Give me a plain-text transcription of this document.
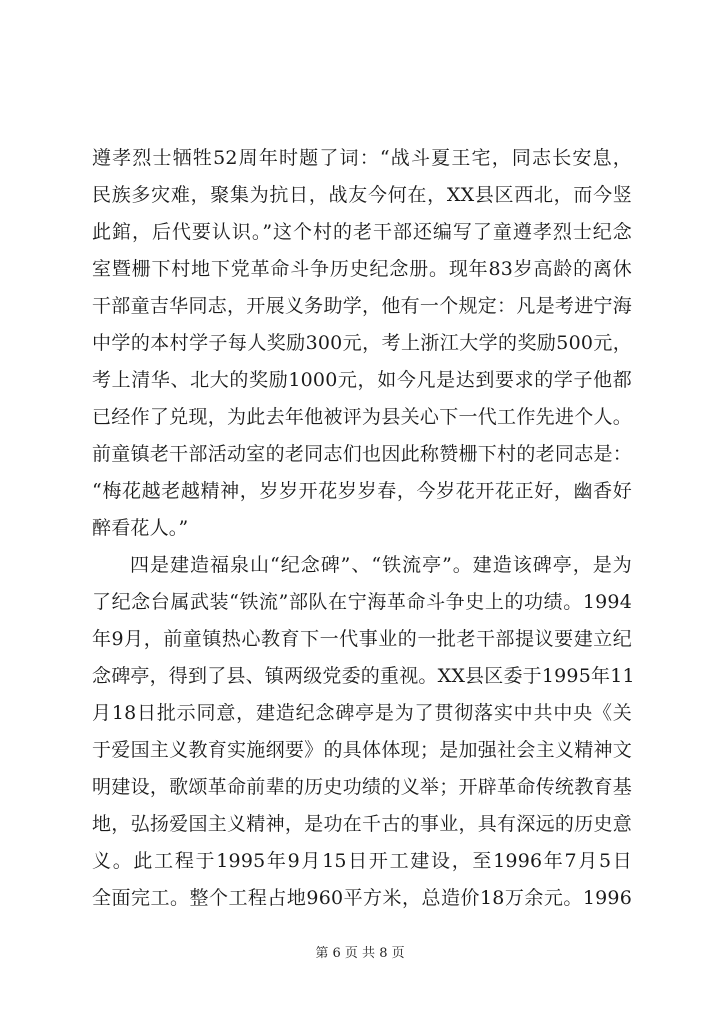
遵孝烈士牺牲52周年时题了词：“战斗夏王宅，同志长安息，
民族多灾难，聚集为抗日，战友今何在，XX县区西北，而今竖
此錧，后代要认识。”这个村的老干部还编写了童遵孝烈士纪念
室暨栅下村地下党革命斗争历史纪念册。现年83岁高龄的离休
干部童吉华同志，开展义务助学，他有一个规定：凡是考进宁海
中学的本村学子每人奖励300元，考上浙江大学的奖励500元，
考上清华、北大的奖励1000元，如今凡是达到要求的学子他都
已经作了兑现，为此去年他被评为县关心下一代工作先进个人。
前童镇老干部活动室的老同志们也因此称赞栅下村的老同志是：
“梅花越老越精神，岁岁开花岁岁春，今岁花开花正好，幽香好
醉看花人。”
四是建造福泉山“纪念碑”、“铁流亭”。建造该碑亭，是为
了纪念台属武装“铁流”部队在宁海革命斗争史上的功绩。1994
年9月，前童镇热心教育下一代事业的一批老干部提议要建立纪
念碑亭，得到了县、镇两级党委的重视。XX县区委于1995年11
月18日批示同意，建造纪念碑亭是为了贯彻落实中共中央《关
于爱国主义教育实施纲要》的具体体现；是加强社会主义精神文
明建设，歌颂革命前辈的历史功绩的义举；开辟革命传统教育基
地，弘扬爱国主义精神，是功在千古的事业，具有深远的历史意
义。此工程于1995年9月15日开工建设，至1996年7月5日
全面完工。整个工程占地960平方米，总造价18万余元。1996
第 6 页 共 8 页
